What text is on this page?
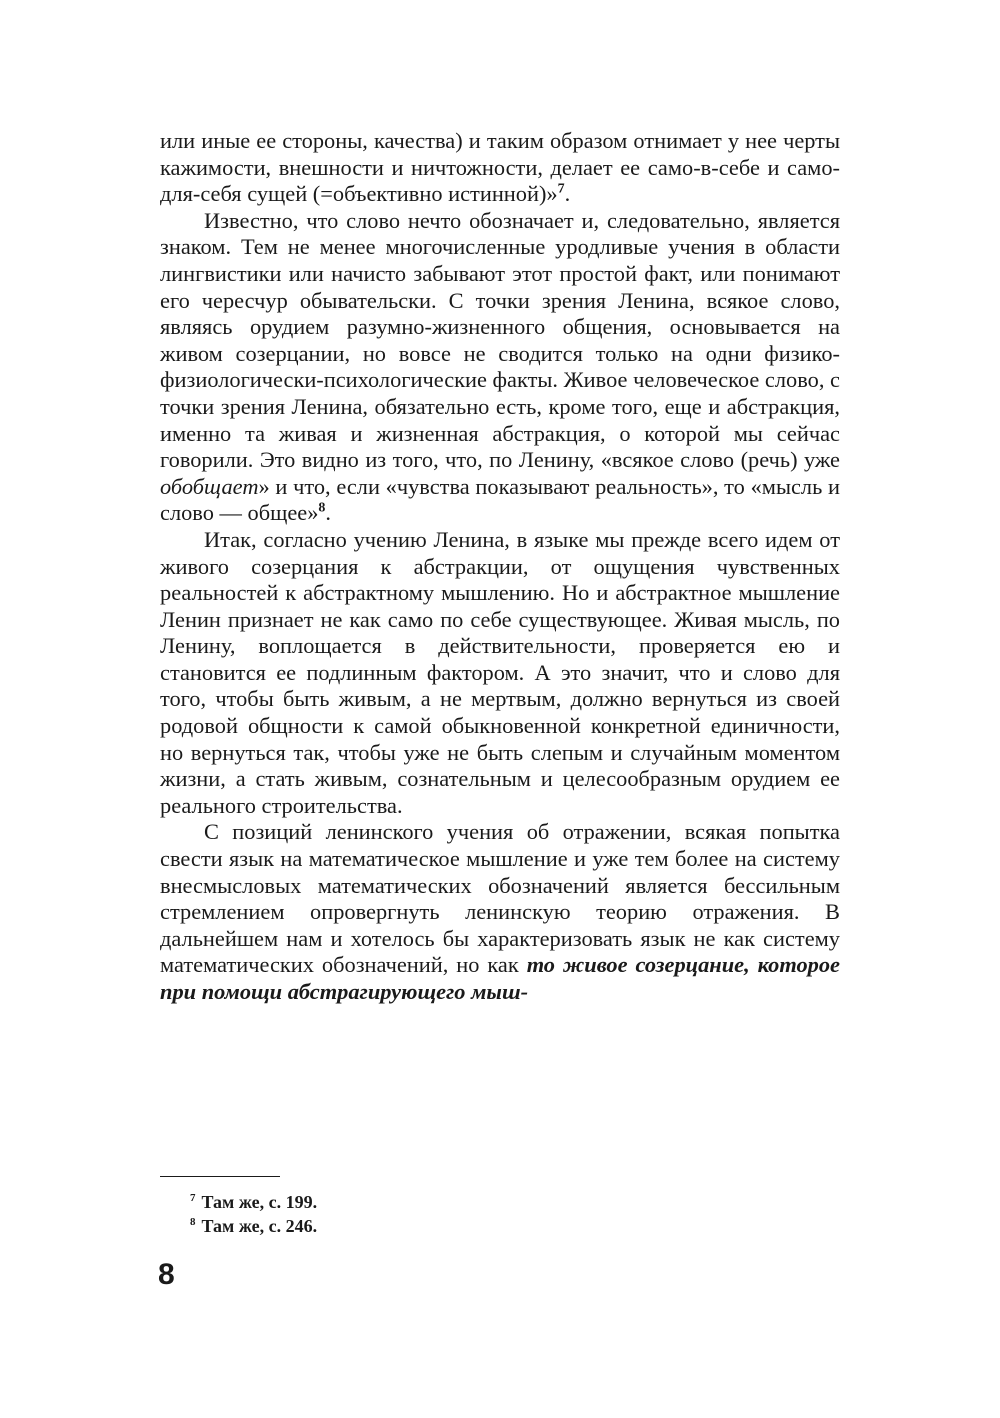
или иные ее стороны, качества) и таким образом отнимает у нее черты кажимости, внешности и ничтожности, делает ее само-в-себе и само-для-себя сущей (=объективно истинной)»$^7$.

Известно, что слово нечто обозначает и, следовательно, является знаком. Тем не менее многочисленные уродливые учения в области лингвистики или начисто забывают этот простой факт, или понимают его чересчур обывательски. С точки зрения Ленина, всякое слово, являясь орудием разумно-жизненного общения, основывается на живом созерцании, но вовсе не сводится только на одни физико-физиологически-психологические факты. Живое человеческое слово, с точки зрения Ленина, обязательно есть, кроме того, еще и абстракция, именно та живая и жизненная абстракция, о которой мы сейчас говорили. Это видно из того, что, по Ленину, «всякое слово (речь) уже обобщает» и что, если «чувства показывают реальность», то «мысль и слово — общее»$^8$.

Итак, согласно учению Ленина, в языке мы прежде всего идем от живого созерцания к абстракции, от ощущения чувственных реальностей к абстрактному мышлению. Но и абстрактное мышление Ленин признает не как само по себе существующее. Живая мысль, по Ленину, воплощается в действительности, проверяется ею и становится ее подлинным фактором. А это значит, что и слово для того, чтобы быть живым, а не мертвым, должно вернуться из своей родовой общности к самой обыкновенной конкретной единичности, но вернуться так, чтобы уже не быть слепым и случайным моментом жизни, а стать живым, сознательным и целесообразным орудием ее реального строительства.

С позиций ленинского учения об отражении, всякая попытка свести язык на математическое мышление и уже тем более на систему внесмысловых математических обозначений является бессильным стремлением опровергнуть ленинскую теорию отражения. В дальнейшем нам и хотелось бы характеризовать язык не как систему математических обозначений, но как то живое созерцание, которое при помощи абстрагирующего мыш-

$^7$ Там же, с. 199.

$^8$ Там же, с. 246.

8
